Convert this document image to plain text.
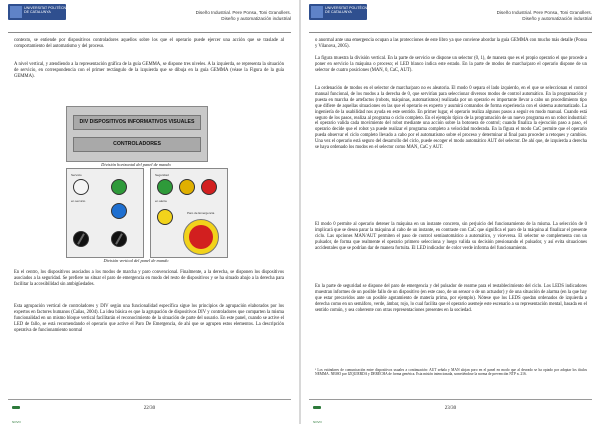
UNIVERSITAT POLITÈCNICA
DE CATALUNYA	Diseño Industrial. Pere Ponsa, Toni Granollers.
Diseño y automatización industrial

contexto, se entiende por dispositivos controladores aquellos sobre los que el operario puede ejercer una acción que se traslade al comportamiento del automatismo y del proceso.

A nivel vertical, y atendiendo a la representación gráfica de la guía GEMMA, se dispone tres niveles. A la izquierda, se representa la situación de servicio, en correspondencia con el primer rectángulo de la izquierda que se dibuja en la guía GEMMA (véase la Figura de la guía GEMMA).

DIV DISPOSITIVOS INFORMATIVOS VISUALES
CONTROLADORES
División horizontal del panel de mando
Servicio
en servicio
Seguridad
en alerta
Paro de Emergencia
División vertical del panel de mando

En el centro, los dispositivos asociados a los modos de marcha y paro convencional. Finalmente, a la derecha, se disponen los dispositivos asociados a la seguridad. Se prefiere no situar el paro de emergencia en modo del resto de dispositivos y se ha situado abajo a la derecha para facilitar la accesibilidad sin ambigüedades.

Esta agrupación vertical de controladores y DIV según una funcionalidad específica sigue los principios de agrupación elaborados por los expertos en factores humanos (Cañas, 2004). La idea básica es que la agrupación de dispositivos DIV y controladores que comparten la misma funcionalidad en un mismo bloque vertical facilitarán el reconocimiento de la situación de parte del usuario. En este panel, cuando se active el LED de fallo, se está recomendando el operario que active el Paro De Emergencia, de ahí que se agrupen estos elementos. La descripción operativa de funcionamiento normal

NOVO
22/30
UNIVERSITAT POLITÈCNICA
DE CATALUNYA	Diseño Industrial. Pere Ponsa, Toni Granollers.
Diseño y automatización industrial

o anormal ante una emergencia ocupan a las protecciones de este libro ya que conviene abordar la guía GEMMA con mucho más detalle (Ponsa y Vilanova, 2005).

La figura muestra la división vertical. En la parte de servicio se dispone un selector (0, 1), de manera que es el propio operario el que procede a poner en servicio la máquina o proceso; el LED blanco indica este estado. En la parte de modos de marcha/paro el operario dispone de un selector de cuatro posiciones (MAN, 0, CaC, AUT).

La ordenación de modos en el selector de marcha/paro no es aleatoria. El modo 0 separa el lado izquierdo, en el que se seleccionan el control manual funcional, de los modos a la derecha de 0, que servirían para seleccionar diversos modos de control automático. En la programación y puesta en marcha de artefactos (robots, máquinas, automatismos) realizada por un operario es importante llevar a cabo un procedimiento tipo que difiere de aquellas situaciones en las que el operario es experto y asumirá comandos de forma experiencia con el sistema automatizado. La ingeniería de la usabilidad nos ayuda en este sentido. En primer lugar, el operario realiza algunos pasos a seguir en modo manual. Cuando está seguro de los pasos, realiza al programa o ciclo completo. En el ejemplo típico de la programación de un nuevo programa en un robot industrial: el operario valida cada movimiento del robot mediante una acción sobre la botonera de control; cuando finaliza la ejecución paso a paso, el operario decide que el robot ya puede realizar el programa completo a velocidad moderada. En la figura el modo CaC permite que el operario pueda observar el ciclo completo llevado a cabo por el automatismo sobre el proceso y determinar al final para proceder a retoques y cambios. Una vez el operario está seguro del desarrollo del ciclo, puede escoger el modo automático AUT del selector. De ahí que, de izquierda a derecha se haya ordenado los modos en el selector como MAN, CaC y AUT.

El modo 0 permite al operario detener la máquina en un instante concreto, sin perjuicio del funcionamiento de la misma. La selección de 0 implicará que se desea parar la máquina al cabo de un instante, en contraste con CaC que significa el paro de la máquina al finalizar el presente ciclo. Las opciones MAN/AUT permiten el paso de control semiautomático a automático, y viceversa. El selector se complementa con un pulsador, de forma que realmente el operario primero selecciona y luego valida su decisión presionando el pulsador, y así evita situaciones accidentales que se podrían dar de manera fortuita. El LED indicador de color verde informa del funcionamiento.

En la parte de seguridad se dispone del paro de emergencia y del pulsador de rearme para el restablecimiento del ciclo. Los LEDS indicadores muestran informes de un posible fallo de un dispositivo (en este caso, de un sensor o de un actuador) y de una situación de alarma (en la que hay que estar precavidos ante un posible agotamiento de materia prima, por ejemplo). Nótese que los LEDS quedan ordenados de izquierda a derecha como en un semáforo, verde, ámbar, rojo, lo cual facilita que el operario asemeje este escenario a su representación mental, basada en el sentido común, y sea coherente con otras representaciones presentes en la sociedad.

¹ Los estándares de comunicación entre dispositivos usuales a continuación: AUT señala y MAN alojan poro en el panel en modo que al deseado se ha optado por adoptar los títulos NEMMA. NEMO por IZQUIERDA y DERECHA de forma genérica. Esta misión intencionada, sometiéndose la norma de prevención NTP n. 216.

NOVO
23/30
